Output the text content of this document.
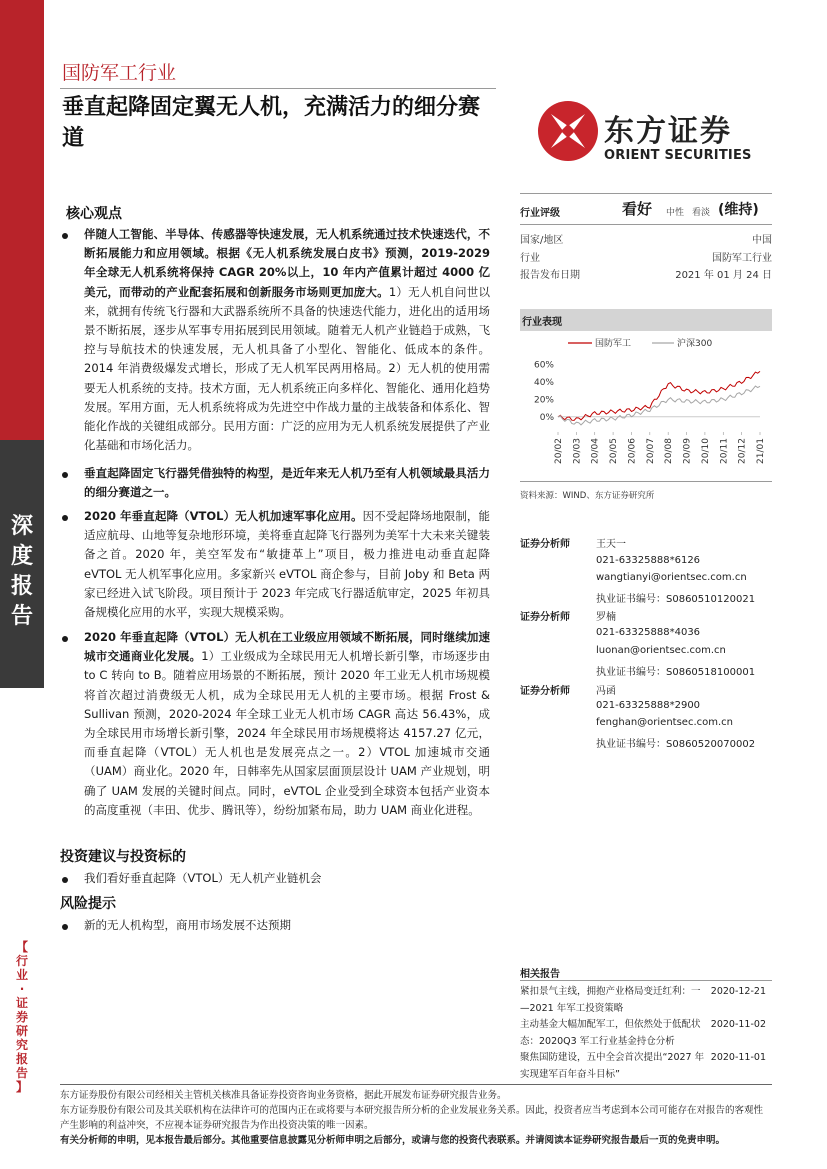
深
度
报
告
【
行
业
·
证
券
研
究
报
告
】
国防军工行业
垂直起降固定翼无人机，充满活力的细分赛道	东方证券
ORIENT SECURITIES
核心观点
伴随人工智能、半导体、传感器等快速发展，无人机系统通过技术快速迭代，不断拓展能力和应用领域。根据《无人机系统发展白皮书》预测，2019-2029 年全球无人机系统将保持 CAGR 20%以上，10 年内产值累计超过 4000 亿美元，而带动的产业配套拓展和创新服务市场则更加庞大。1）无人机自问世以来，就拥有传统飞行器和大武器系统所不具备的快速迭代能力，进化出的适用场景不断拓展，逐步从军事专用拓展到民用领域。随着无人机产业链趋于成熟，飞控与导航技术的快速发展，无人机具备了小型化、智能化、低成本的条件。2014 年消费级爆发式增长，形成了无人机军民两用格局。2）无人机的使用需要无人机系统的支持。技术方面，无人机系统正向多样化、智能化、通用化趋势发展。军用方面，无人机系统将成为先进空中作战力量的主战装备和体系化、智能化作战的关键组成部分。民用方面：广泛的应用为无人机系统发展提供了产业化基础和市场化活力。
垂直起降固定飞行器凭借独特的构型，是近年来无人机乃至有人机领域最具活力的细分赛道之一。
2020 年垂直起降（VTOL）无人机加速军事化应用。因不受起降场地限制，能适应航母、山地等复杂地形环境，美将垂直起降飞行器列为美军十大未来关键装备之首。2020 年，美空军发布“敏捷革上”项目，极力推进电动垂直起降 eVTOL 无人机军事化应用。多家新兴 eVTOL 商企参与，目前 Joby 和 Beta 两家已经进入试飞阶段。项目预计于 2023 年完成飞行器适航审定，2025 年初具备规模化应用的水平，实现大规模采购。
2020 年垂直起降（VTOL）无人机在工业级应用领域不断拓展，同时继续加速城市交通商业化发展。1）工业级成为全球民用无人机增长新引擎，市场逐步由 to C 转向 to B。随着应用场景的不断拓展，预计 2020 年工业无人机市场规模将首次超过消费级无人机，成为全球民用无人机的主要市场。根据 Frost & Sullivan 预测，2020-2024 年全球工业无人机市场 CAGR 高达 56.43%，成为全球民用市场增长新引擎，2024 年全球民用市场规模将达 4157.27 亿元，而垂直起降（VTOL）无人机也是发展亮点之一。2）VTOL 加速城市交通（UAM）商业化。2020 年，日韩率先从国家层面顶层设计 UAM 产业规划，明确了 UAM 发展的关键时间点。同时，eVTOL 企业受到全球资本包括产业资本的高度重视（丰田、优步、腾讯等），纷纷加紧布局，助力 UAM 商业化进程。
投资建议与投资标的
我们看好垂直起降（VTOL）无人机产业链机会
风险提示
新的无人机构型，商用市场发展不达预期
行业评级	看好 中性 看淡 (维持)
国家/地区	中国
行业	国防军工行业
报告发布日期	2021 年 01 月 24 日
行业表现
国防军工	沪深300
60%
40%
20%
0%
20/02 20/03 20/04 20/05 20/06 20/07 20/08 20/09 20/10 20/11 20/12 21/01
资料来源：WIND、东方证券研究所
证券分析师	王天一
021-63325888*6126
wangtianyi@orientsec.com.cn
执业证书编号：S0860510120021
证券分析师	罗楠
021-63325888*4036
luonan@orientsec.com.cn
执业证书编号：S0860518100001
证券分析师	冯函
021-63325888*2900
fenghan@orientsec.com.cn
执业证书编号：S0860520070002
相关报告
紧扣景气主线，拥抱产业格局变迁红利：一
—2021 年军工投资策略
2020-12-21
主动基金大幅加配军工，但依然处于低配状
态：2020Q3 军工行业基金持仓分析
2020-11-02
聚焦国防建设，五中全会首次提出“2027 年
实现建军百年奋斗目标”
2020-11-01
东方证券股份有限公司经相关主管机关核准具备证券投资咨询业务资格，据此开展发布证券研究报告业务。
东方证券股份有限公司及其关联机构在法律许可的范围内正在或将要与本研究报告所分析的企业发展业务关系。因此，投资者应当考虑到本公司可能存在对报告的客观性产生影响的利益冲突，不应视本证券研究报告为作出投资决策的唯一因素。
有关分析师的申明，见本报告最后部分。其他重要信息披露见分析师申明之后部分，或请与您的投资代表联系。并请阅读本证券研究报告最后一页的免责申明。
